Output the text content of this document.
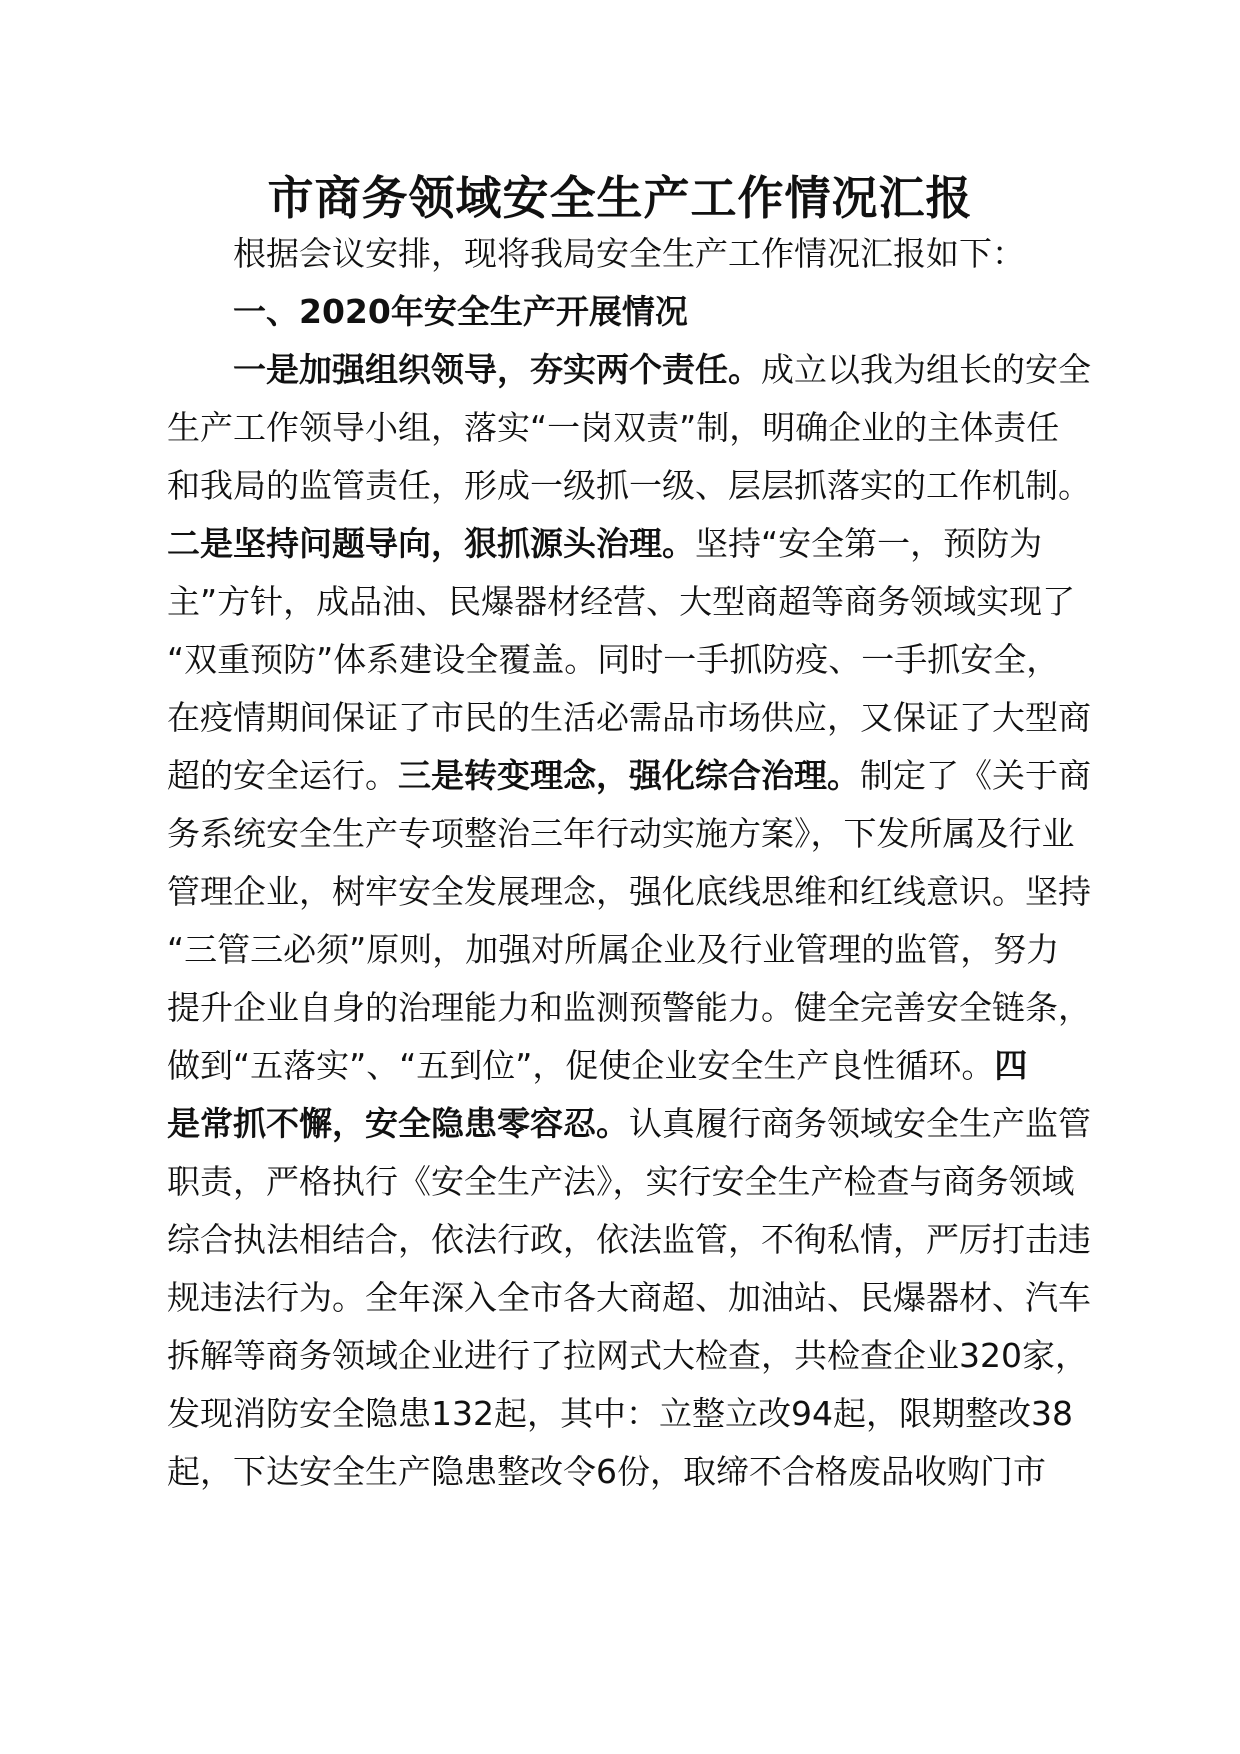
市商务领域安全生产工作情况汇报
根据会议安排，现将我局安全生产工作情况汇报如下：
一、2020年安全生产开展情况
一是加强组织领导，夯实两个责任。成立以我为组长的安全
生产工作领导小组，落实“一岗双责”制，明确企业的主体责任
和我局的监管责任，形成一级抓一级、层层抓落实的工作机制。
二是坚持问题导向，狠抓源头治理。坚持“安全第一，预防为
主”方针，成品油、民爆器材经营、大型商超等商务领域实现了
“双重预防”体系建设全覆盖。同时一手抓防疫、一手抓安全，
在疫情期间保证了市民的生活必需品市场供应，又保证了大型商
超的安全运行。三是转变理念，强化综合治理。制定了《关于商
务系统安全生产专项整治三年行动实施方案》，下发所属及行业
管理企业，树牢安全发展理念，强化底线思维和红线意识。坚持
“三管三必须”原则，加强对所属企业及行业管理的监管，努力
提升企业自身的治理能力和监测预警能力。健全完善安全链条，
做到“五落实”、“五到位”，促使企业安全生产良性循环。四
是常抓不懈，安全隐患零容忍。认真履行商务领域安全生产监管
职责，严格执行《安全生产法》，实行安全生产检查与商务领域
综合执法相结合，依法行政，依法监管，不徇私情，严厉打击违
规违法行为。全年深入全市各大商超、加油站、民爆器材、汽车
拆解等商务领域企业进行了拉网式大检查，共检查企业320家，
发现消防安全隐患132起，其中：立整立改94起，限期整改38
起，下达安全生产隐患整改令6份，取缔不合格废品收购门市
